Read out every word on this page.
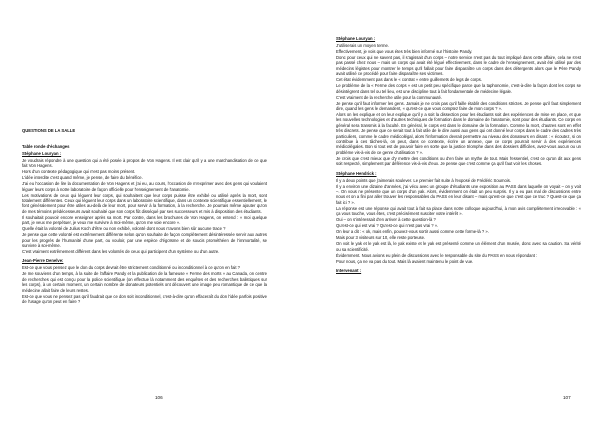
QUESTIONS DE LA SALLE
Table ronde d'échanges
Stéphane Louryan :

Je voudrais répondre à une question qui a été posée à propos de Von Hagens. Il est clair qu'il y a une marchandisation de ce que fait Von Hagens.

Hors d'un contexte pédagogique qui n'est pas moins présent.

L'idée interdite c'est quand même, je pense, de faire du bénéfice.

J'ai eu l'occasion de lire la documentation de Von Hagens et j'ai eu, au cours, l'occasion de m'exprimer avec des gens qui voulaient léguer leurs corps à notre laboratoire de façon officielle pour l'enseignement de l'anatomie.

Les motivations de ceux qui léguent leur corps, qui souhaitent que leur corps puisse être exhibé ou utilisé après la mort, sont totalement différentes. Ceux qui lèguent leur corps dans un laboratoire scientifique, dans un contexte scientifique essentiellement, le font généralement pour être utiles au-delà de leur mort, pour servir à la formation, à la recherche. Je pourrais même ajouter qu'on de mes témoins prédécesseurs avait souhaité que son corps fût disséqué par ses successeurs et mis à disposition des étudiants.

Il souhaitait pouvoir encore enseigner après sa mort. Par contre, dans les brochures de Von Hagens, on entend : « moi quelque part, je veux me perpétuer, je veux me survivre à moi-même, qu'on me voie encore ».

Quelle était la volonté de Julius Koch d'être ou non exhibé, volonté dont nous n'avons bien sûr aucune trace ?

Je pense que cette volonté est extrêmement différente selon qu'on souhaite de façon complètement désintéressée servir aux autres pour les progrès de l'humanité d'une part, ou vouloir, par une espèce d'égoïsme et de soucis prométhéen de l'immortalité, se survivre à soi-même.

C'est vraiment extrêmement différent dans les volontés de ceux qui participent d'un système ou d'un autre.

Jean-Pierre Denelve:

Est-ce que vous pensez que le don du corps devrait être strictement conditionné ou inconditionnel à ce qu'on en fait ?

Je me souviens d'un temps, à la suite de l'affaire Pandy et la publication de la fameuse « Ferme des morts » au Canada, on centre de recherches qui est conçu pour la police scientifique (on effectue là notamment des enquêtes et des recherches balistiques sur les corps), à un certain moment, un certain nombre de donateurs potentiels ont découvert une image peu romantique de ce que la médecine allait faire de leurs restes.

Est-ce que vous ne pensez pas qu'il faudrait que ce don soit inconditionnel, c'est-à-dire qu'on effaceraît du don l'idée parfois positive de l'usage qu'on peut en faire ?

106
Stéphane Louryan :

J'utiliserais un moyen terme.

Effectivement, je vois que vous étes très bien informé sur l'histoire Pandy.

Donc pour ceux qui ne savent pas, il s'agissait d'un corps – notre service n'est pas du tout impliqué dans cette affaire, cela ne s'est pas passé chez nous – mais un corps qui avait été légué effectivement, dans le cadre de l'enseignement, avait été utilisé par des médecins légistes pour montrer le temps qu'il fallait pour faire disparaître un corps dans des détergents alors que le Père Pandy avait utilisé ce procédé pour faire disparaître ses victimes.

Cet état évidemment pas dans le « contrat » entre guillemets de legs de corps.

Le problème de la « Ferme des corps » est un petit peu spécifique parce que la taphonomie, c'est-à-dire la façon dont les corps se désintègrent dans tel ou tel lieu, est une discipline tout à fait fondamentale de médecine légale.

C'est vraiment de la recherche utile pour la communauté.

Je pense qu'il faut informer les gens. Jamais je ne crois pas qu'il faille établir des conditions strictes. Je pense qu'il faut simplement dire, quand les gens le demandent, « qu'est-ce que vous comptez faire de mon corps ? ».

Alors on les explique et on leur explique qu'il y a soit la dissection pour les étudiants soit des expériences de mise en place, et que les nouvelles technologies et d'autres techniques de formation dans le domaine de l'anatomie, sont pour des étudiants. Ce corps en général sera transmis à la faculté. En général, le corps est dans le domaine de la formation. Comme la mort, d'autres sont en effet très discrets. Je pense que ce serait tout à fait utile de le dire aussi aux gens qui ont donné leur corps dans le cadre des cadres très particuliers, comme le cadre médicolégal, alors l'information devrait permettre au niveau des donateurs en disant : « écoutez, si on contribue à ces tâches-là, on peut, dans ce contexte, écrire un annexe, que ce corps pourrait servir à des expériences médicolégales. Bon si tout est de pouvoir faire en sorte que la justice triomphe dans des dossiers difficiles, avez-vous aucun ou un problème vis-à-vis de ce genre d'utilisation ? ».

Je crois que c'est mieux que d'y mettre des conditions ou d'en faire un mythe de tout. Mais l'essentiel, c'est ce qu'on dit aux gens soit respecté, simplement par déférence vis-à-vis d'eux. Je pense que c'est comme ça qu'il faut voir les choses.

Stéphane Hendrick :

Il y a deux points que j'aimerais soulever. Le premier fait suite à l'exposé de Frédéric Soumois.

Il y a environ une dizaine d'années, j'ai vécu avec un groupe d'étudiants une exposition au PASS dans laquelle on voyait – on y voit –. On vous ne présente que un corps d'un yak. Alors, évidemment on était un peu surpris. Il y a eu pas mal de discussions entre nous et on a fini par aller trouver les responsables du PASS en leur disant – mais qu'est-ce que c'est que ce truc ? Quest-ce que ça fait ici ? ».

La réponse est une réponse qui avait tout à fait sa place dans notre colloque aujourd'hui, à mon avis complètement irrecevable : « ça vous touche, vous êtes, c'est précisément susciter votre intérêt ».

Oui – on s'intéressait d'en arriver à cette question-là ?

Qu'est-ce qui est vrai ? Qu'est-ce qui n'est pas vrai ? ».

On leur a dit : « ok, mais enfin, pouvez-vous sortir aussi comme cette forme-là ? ».

Mais pour 3 visiteurs sur 10, elle reste porteuse.

On voit le yak et le yak est là, le yak existe et le yak est présenté comme un élément d'un musée, donc avec sa caution. Sa vérité ou sa scientificité.

Évidemment. Nous avions eu plein de discussions avec le responsable du site du PASS en nous répondant :

Pour nous, ça ne va pas du tout. Mais là avaient maintenu le point de vue.

Intervenant :
107
